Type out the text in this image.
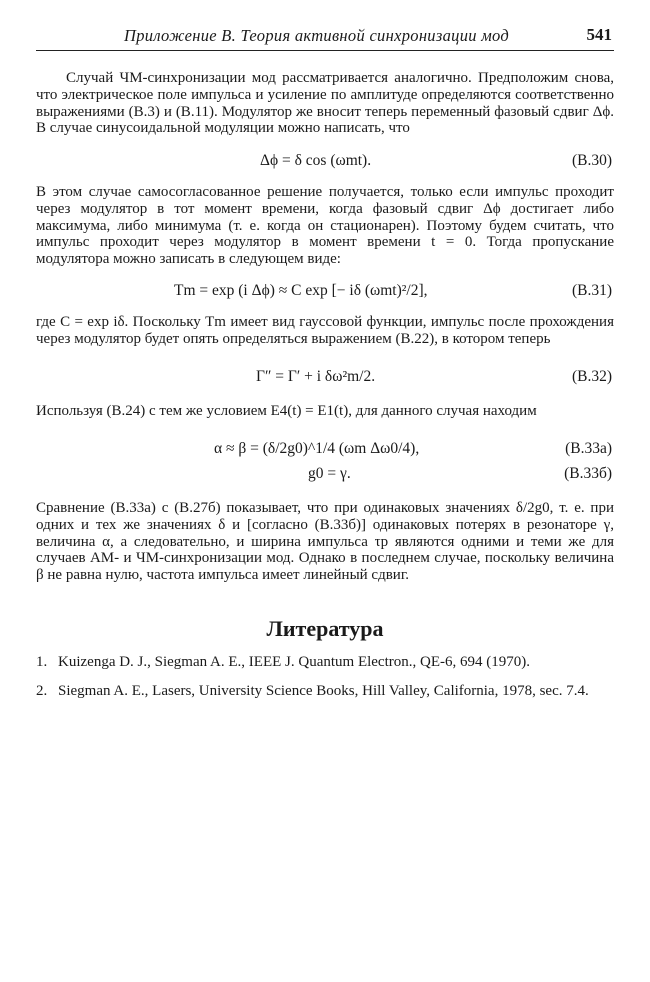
Приложение В. Теория активной синхронизации мод	541

Случай ЧМ-синхронизации мод рассматривается аналогично. Предположим снова, что электрическое поле импульса и усиление по амплитуде определяются соответственно выражениями (В.3) и (В.11). Модулятор же вносит теперь переменный фазовый сдвиг Δϕ. В случае синусоидальной модуляции можно написать, что

Δϕ = δ cos (ωmt).	(В.30)

В этом случае самосогласованное решение получается, только если импульс проходит через модулятор в тот момент времени, когда фазовый сдвиг Δϕ достигает либо максимума, либо минимума (т. е. когда он стационарен). Поэтому будем считать, что импульс проходит через модулятор в момент времени t = 0. Тогда пропускание модулятора можно записать в следующем виде:

Tm = exp (i Δϕ) ≈ C exp [− iδ (ωmt)²/2],	(В.31)

где C = exp iδ. Поскольку Tm имеет вид гауссовой функции, импульс после прохождения через модулятор будет опять определяться выражением (В.22), в котором теперь

Γ″ = Γ′ + i δω²m/2.	(В.32)

Используя (В.24) с тем же условием E4(t) = E1(t), для данного случая находим

α ≈ β = (δ/2g0)^1/4 (ωm Δω0/4),	(В.33а)
g0 = γ.	(В.33б)

Сравнение (В.33а) с (В.27б) показывает, что при одинаковых значениях δ/2g0, т. е. при одних и тех же значениях δ и [согласно (В.33б)] одинаковых потерях в резонаторе γ, величина α, а следовательно, и ширина импульса τp являются одними и теми же для случаев АМ- и ЧМ-синхронизации мод. Однако в последнем случае, поскольку величина β не равна нулю, частота импульса имеет линейный сдвиг.

Литература
1. Kuizenga D. J., Siegman A. E., IEEE J. Quantum Electron., QE-6, 694 (1970).
2. Siegman A. E., Lasers, University Science Books, Hill Valley, California, 1978, sec. 7.4.
